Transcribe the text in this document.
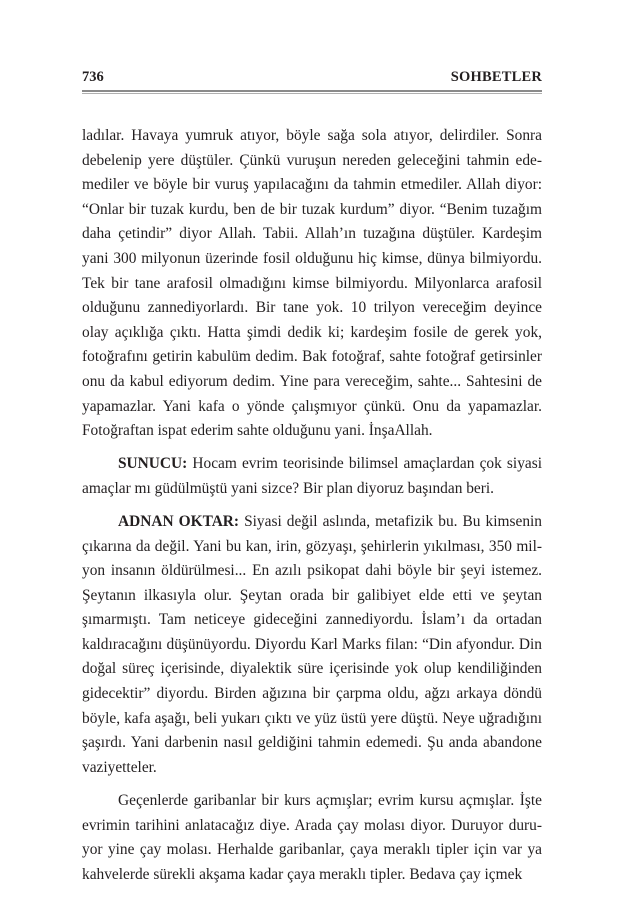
736	SOHBETLER

ladılar. Havaya yumruk atıyor, böyle sağa sola atıyor, delirdiler. Sonra debelenip yere düştüler. Çünkü vuruşun nereden geleceğini tahmin edemediler ve böyle bir vuruş yapılacağını da tahmin etmediler. Allah diyor: “Onlar bir tuzak kurdu, ben de bir tuzak kurdum” diyor. “Benim tuzağım daha çetindir” diyor Allah. Tabii. Allah’ın tuzağına düştüler. Kardeşim yani 300 milyonun üzerinde fosil olduğunu hiç kimse, dünya bilmiyordu. Tek bir tane arafosil olmadığını kimse bilmiyordu. Milyonlarca arafosil olduğunu zannediyorlardı. Bir tane yok. 10 trilyon vereceğim deyince olay açıklığa çıktı. Hatta şimdi dedik ki; kardeşim fosile de gerek yok, fotoğrafını getirin kabulüm dedim. Bak fotoğraf, sahte fotoğraf getirsinler onu da kabul ediyorum dedim. Yine para vereceğim, sahte... Sahtesini de yapamazlar. Yani kafa o yönde çalışmıyor çünkü. Onu da yapamazlar. Fotoğraftan ispat ederim sahte olduğunu yani. İnşaAllah.

SUNUCU: Hocam evrim teorisinde bilimsel amaçlardan çok siyasi amaçlar mı güdülmüştü yani sizce? Bir plan diyoruz başından beri.

ADNAN OKTAR: Siyasi değil aslında, metafizik bu. Bu kimsenin çıkarına da değil. Yani bu kan, irin, gözyaşı, şehirlerin yıkılması, 350 milyon insanın öldürülmesi... En azılı psikopat dahi böyle bir şeyi istemez. Şeytanın ilkasıyla olur. Şeytan orada bir galibiyet elde etti ve şeytan şımarmıştı. Tam neticeye gideceğini zannediyordu. İslam’ı da ortadan kaldıracağını düşünüyordu. Diyordu Karl Marks filan: “Din afyondur. Din doğal süreç içerisinde, diyalektik süre içerisinde yok olup kendiliğinden gidecektir” diyordu. Birden ağızına bir çarpma oldu, ağzı arkaya döndü böyle, kafa aşağı, beli yukarı çıktı ve yüz üstü yere düştü. Neye uğradığını şaşırdı. Yani darbenin nasıl geldiğini tahmin edemedi. Şu anda abandone vaziyetteler.

Geçenlerde garibanlar bir kurs açmışlar; evrim kursu açmışlar. İşte evrimin tarihini anlatacağız diye. Arada çay molası diyor. Duruyor duruyor yine çay molası. Herhalde garibanlar, çaya meraklı tipler için var ya kahvelerde sürekli akşama kadar çaya meraklı tipler. Bedava çay içmek
